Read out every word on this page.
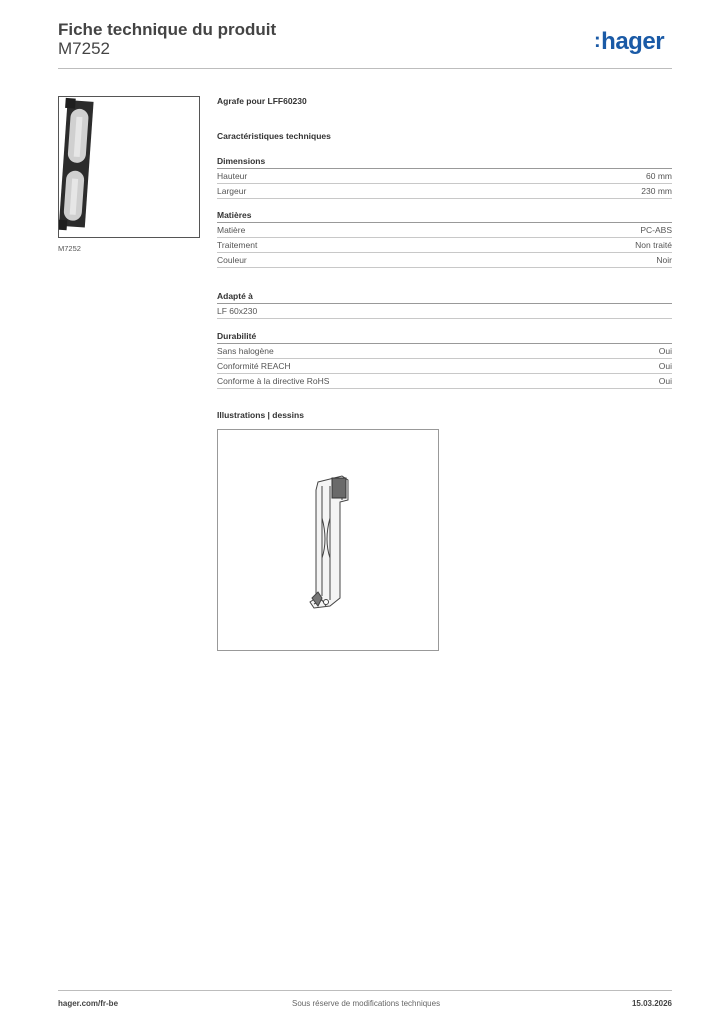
Fiche technique du produit
M7252	:hager
M7252
Agrafe pour LFF60230
Caractéristiques techniques
Dimensions
Hauteur	60 mm
Largeur	230 mm
Matières
Matière	PC-ABS
Traitement	Non traité
Couleur	Noir
Adapté à
LF 60x230
Durabilité
Sans halogène	Oui
Conformité REACH	Oui
Conforme à la directive RoHS	Oui
Illustrations | dessins
hager.com/fr-be	Sous réserve de modifications techniques	15.03.2026
